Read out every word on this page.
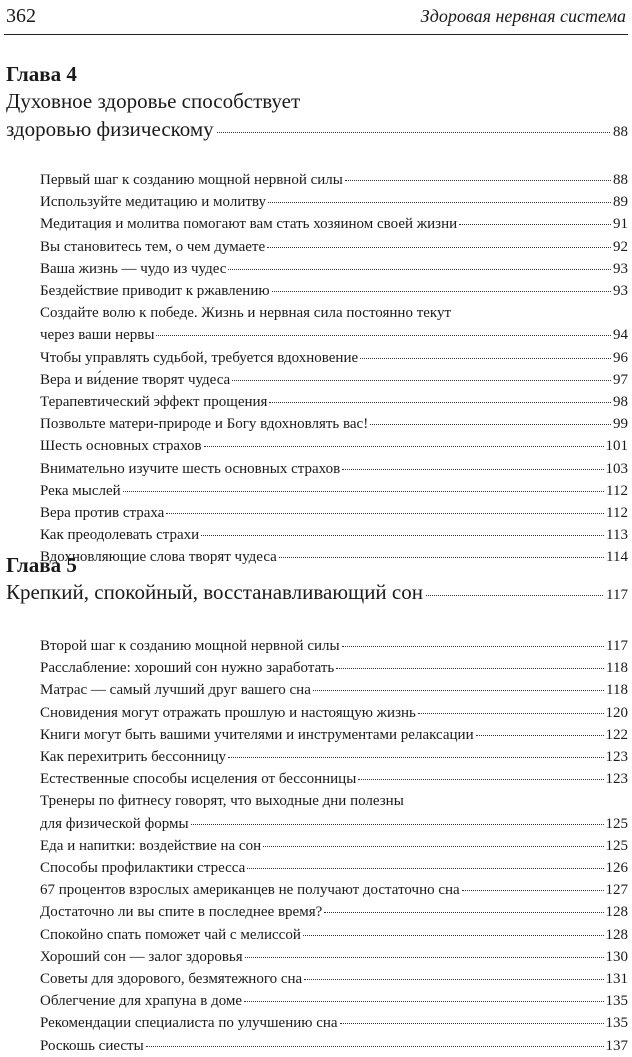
362	Здоровая нервная система

Глава 4

Духовное здоровье способствует
здоровью физическому	88
Первый шаг к созданию мощной нервной силы	88
Используйте медитацию и молитву	89
Медитация и молитва помогают вам стать хозяином своей жизни	91
Вы становитесь тем, о чем думаете	92
Ваша жизнь — чудо из чудес	93
Бездействие приводит к ржавлению	93
Создайте волю к победе. Жизнь и нервная сила постоянно текут
через ваши нервы	94
Чтобы управлять судьбой, требуется вдохновение	96
Вера и ви́дение творят чудеса	97
Терапевтический эффект прощения	98
Позвольте матери-природе и Богу вдохновлять вас!	99
Шесть основных страхов	101
Внимательно изучите шесть основных страхов	103
Река мыслей	112
Вера против страха	112
Как преодолевать страхи	113
Вдохновляющие слова творят чудеса	114

Глава 5

Крепкий, спокойный, восстанавливающий сон	117
Второй шаг к созданию мощной нервной силы	117
Расслабление: хороший сон нужно заработать	118
Матрас — самый лучший друг вашего сна	118
Сновидения могут отражать прошлую и настоящую жизнь	120
Книги могут быть вашими учителями и инструментами релаксации	122
Как перехитрить бессонницу	123
Естественные способы исцеления от бессонницы	123
Тренеры по фитнесу говорят, что выходные дни полезны
для физической формы	125
Еда и напитки: воздействие на сон	125
Способы профилактики стресса	126
67 процентов взрослых американцев не получают достаточно сна	127
Достаточно ли вы спите в последнее время?	128
Спокойно спать поможет чай с мелиссой	128
Хороший сон — залог здоровья	130
Советы для здорового, безмятежного сна	131
Облегчение для храпуна в доме	135
Рекомендации специалиста по улучшению сна	135
Роскошь сиесты	137
